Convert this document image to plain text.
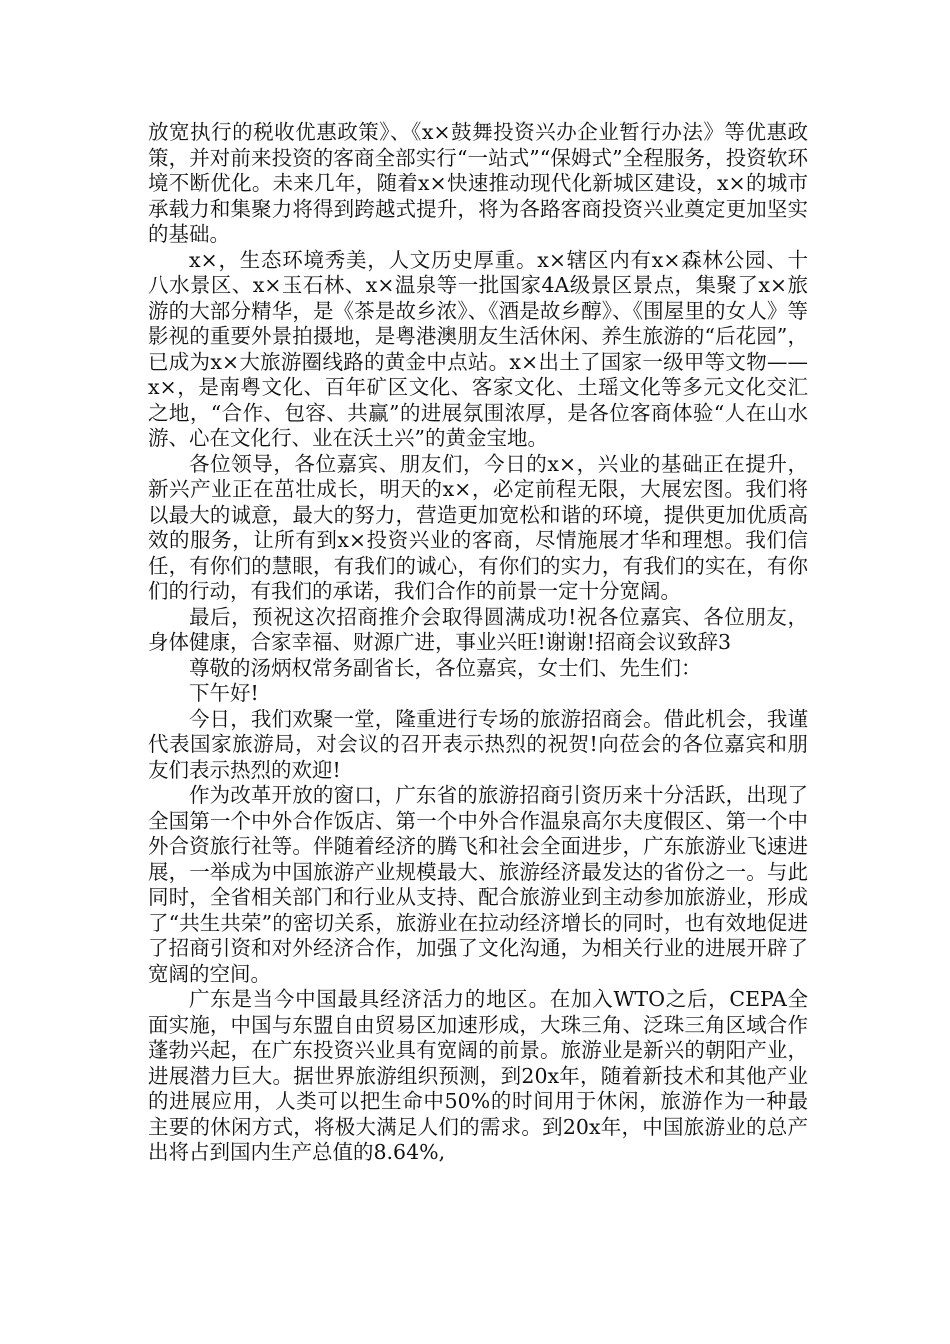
放宽执行的税收优惠政策》、《x×鼓舞投资兴办企业暂行办法》等优惠政策，并对前来投资的客商全部实行“一站式”“保姆式”全程服务，投资软环境不断优化。未来几年，随着x×快速推动现代化新城区建设，x×的城市承载力和集聚力将得到跨越式提升，将为各路客商投资兴业奠定更加坚实的基础。

x×，生态环境秀美，人文历史厚重。x×辖区内有x×森林公园、十八水景区、x×玉石林、x×温泉等一批国家4A级景区景点，集聚了x×旅游的大部分精华，是《茶是故乡浓》、《酒是故乡醇》、《围屋里的女人》等影视的重要外景拍摄地，是粤港澳朋友生活休闲、养生旅游的“后花园”，已成为x×大旅游圈线路的黄金中点站。x×出土了国家一级甲等文物——x×，是南粤文化、百年矿区文化、客家文化、土瑶文化等多元文化交汇之地，“合作、包容、共赢”的进展氛围浓厚，是各位客商体验“人在山水游、心在文化行、业在沃土兴”的黄金宝地。

各位领导，各位嘉宾、朋友们，今日的x×，兴业的基础正在提升，新兴产业正在茁壮成长，明天的x×，必定前程无限，大展宏图。我们将以最大的诚意，最大的努力，营造更加宽松和谐的环境，提供更加优质高效的服务，让所有到x×投资兴业的客商，尽情施展才华和理想。我们信任，有你们的慧眼，有我们的诚心，有你们的实力，有我们的实在，有你们的行动，有我们的承诺，我们合作的前景一定十分宽阔。

最后，预祝这次招商推介会取得圆满成功!祝各位嘉宾、各位朋友，身体健康，合家幸福、财源广进，事业兴旺!谢谢!招商会议致辞3

尊敬的汤炳权常务副省长，各位嘉宾，女士们、先生们：

下午好!

今日，我们欢聚一堂，隆重进行专场的旅游招商会。借此机会，我谨代表国家旅游局，对会议的召开表示热烈的祝贺!向莅会的各位嘉宾和朋友们表示热烈的欢迎!

作为改革开放的窗口，广东省的旅游招商引资历来十分活跃，出现了全国第一个中外合作饭店、第一个中外合作温泉高尔夫度假区、第一个中外合资旅行社等。伴随着经济的腾飞和社会全面进步，广东旅游业飞速进展，一举成为中国旅游产业规模最大、旅游经济最发达的省份之一。与此同时，全省相关部门和行业从支持、配合旅游业到主动参加旅游业，形成了“共生共荣”的密切关系，旅游业在拉动经济增长的同时，也有效地促进了招商引资和对外经济合作，加强了文化沟通，为相关行业的进展开辟了宽阔的空间。

广东是当今中国最具经济活力的地区。在加入WTO之后，CEPA全面实施，中国与东盟自由贸易区加速形成，大珠三角、泛珠三角区域合作蓬勃兴起，在广东投资兴业具有宽阔的前景。旅游业是新兴的朝阳产业，进展潜力巨大。据世界旅游组织预测，到20x年，随着新技术和其他产业的进展应用，人类可以把生命中50%的时间用于休闲，旅游作为一种最主要的休闲方式，将极大满足人们的需求。到20x年，中国旅游业的总产出将占到国内生产总值的8.64%,
